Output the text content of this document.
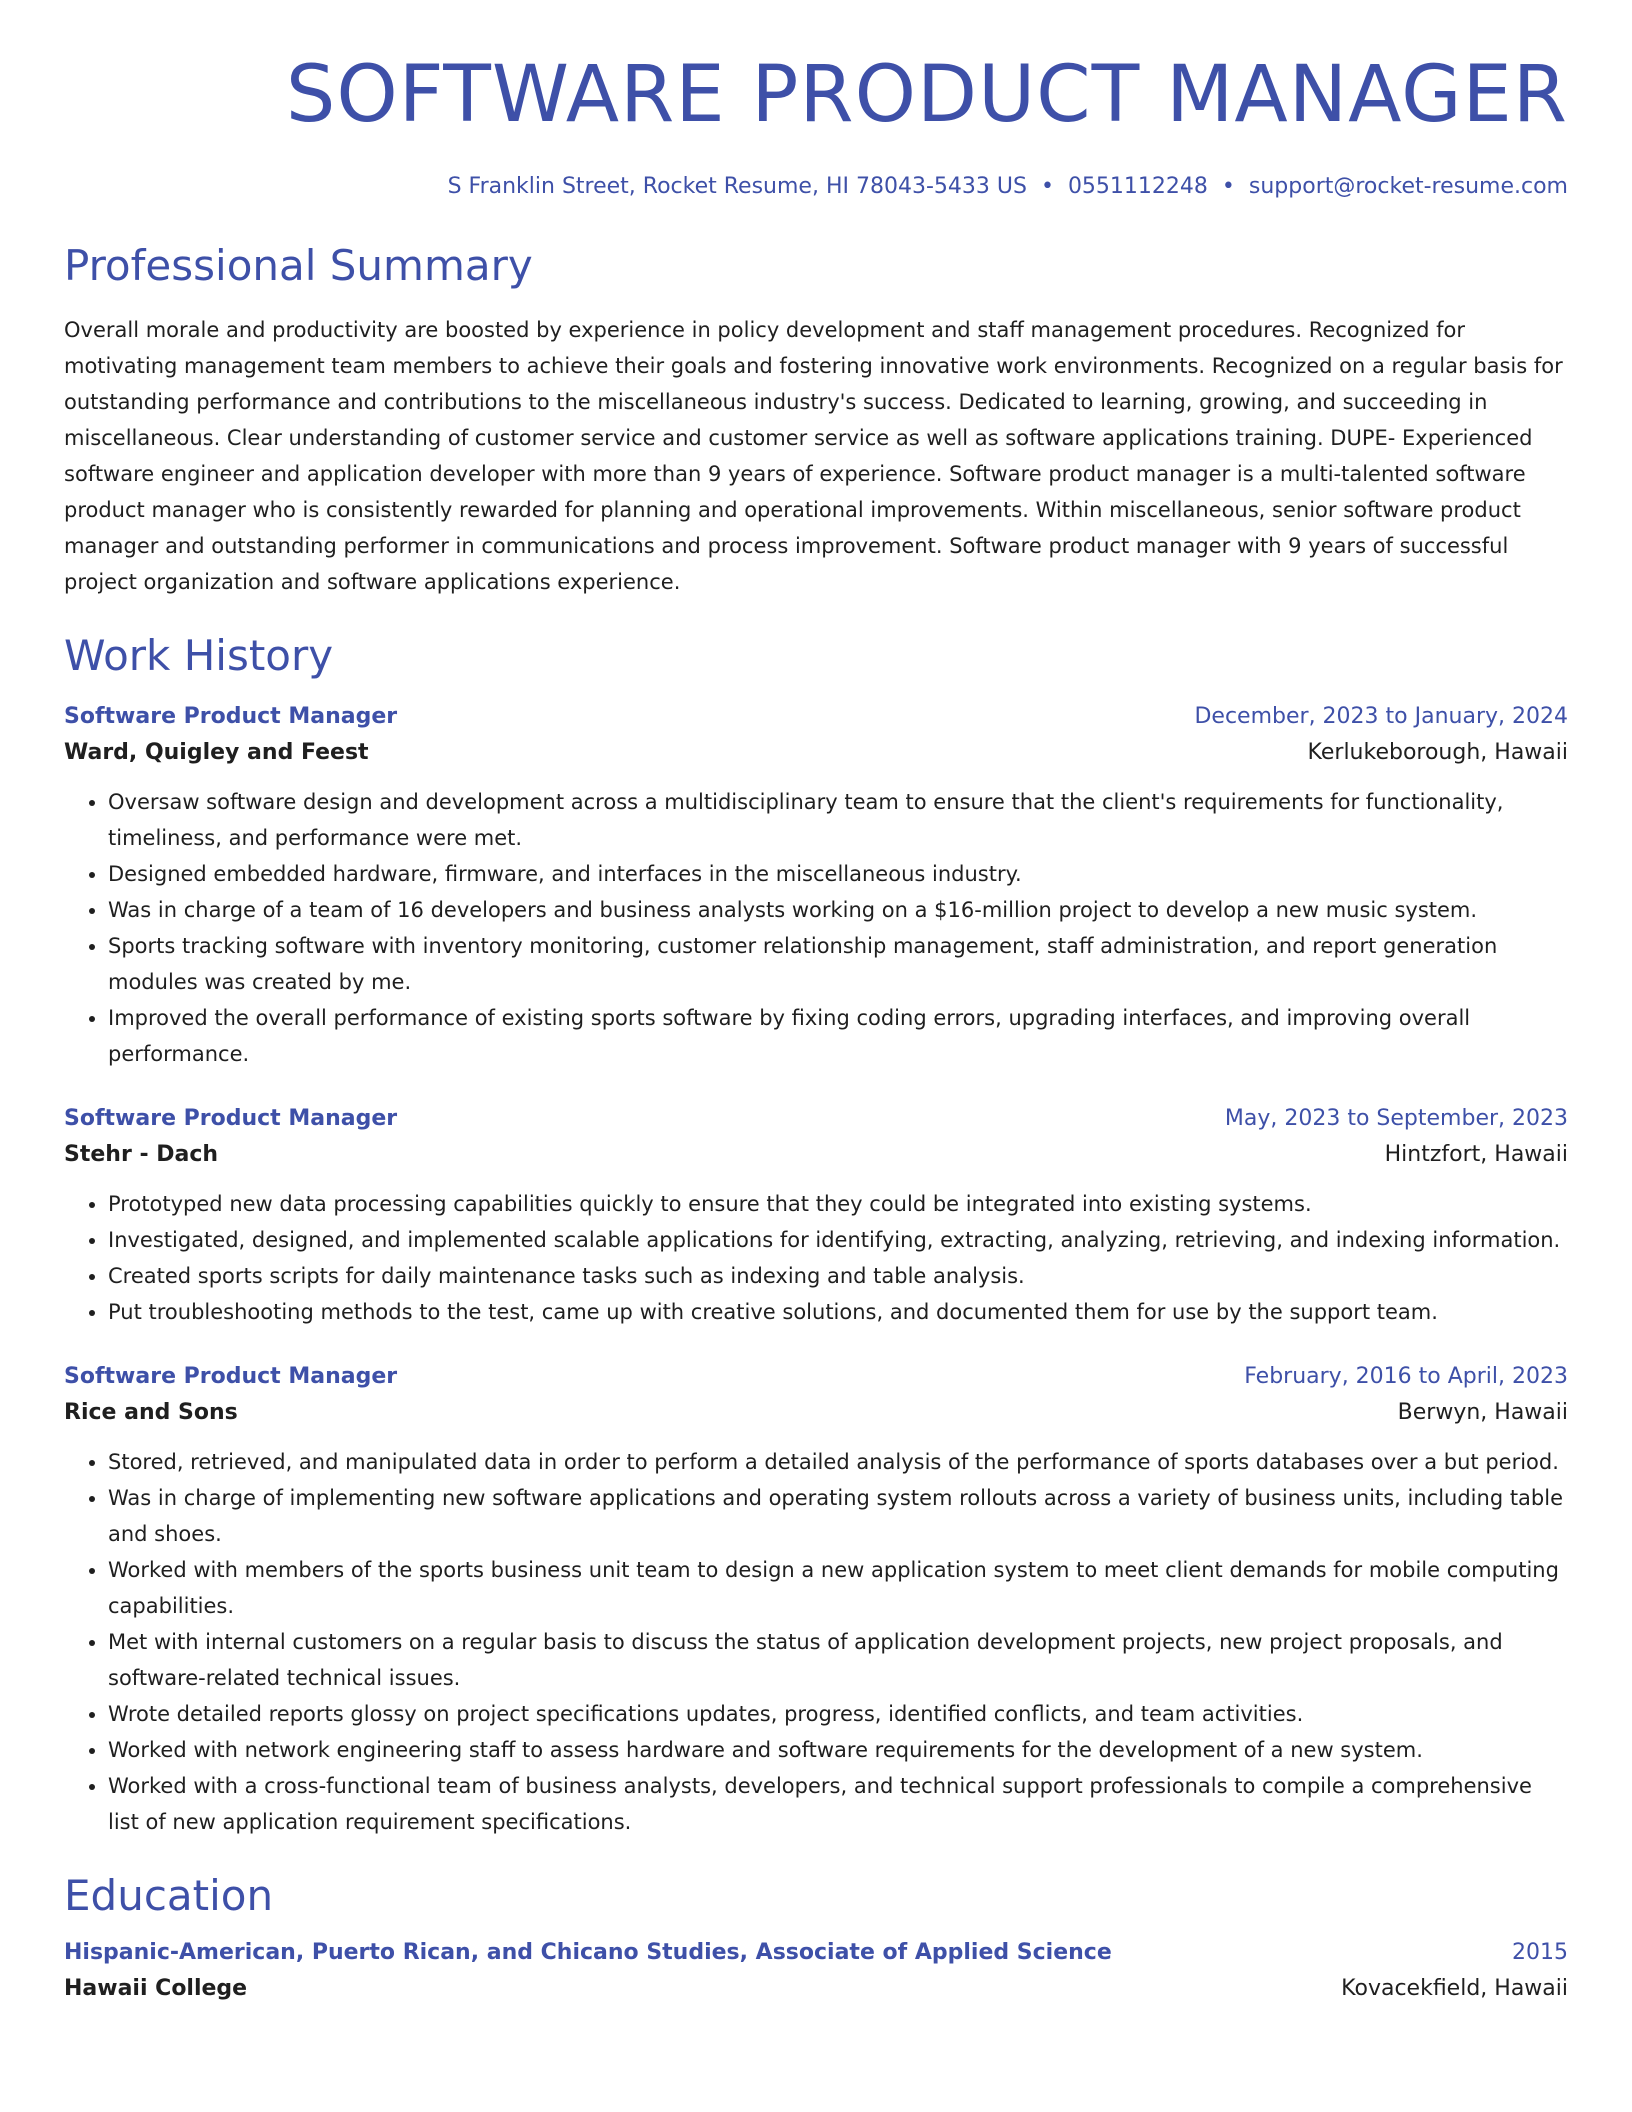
SOFTWARE PRODUCT MANAGER
S Franklin Street, Rocket Resume, HI 78043-5433 US • 0551112248 • support@rocket-resume.com
Professional Summary

Overall morale and productivity are boosted by experience in policy development and staff management procedures. Recognized for motivating management team members to achieve their goals and fostering innovative work environments. Recognized on a regular basis for outstanding performance and contributions to the miscellaneous industry's success. Dedicated to learning, growing, and succeeding in miscellaneous. Clear understanding of customer service and customer service as well as software applications training. DUPE- Experienced software engineer and application developer with more than 9 years of experience. Software product manager is a multi-talented software product manager who is consistently rewarded for planning and operational improvements. Within miscellaneous, senior software product manager and outstanding performer in communications and process improvement. Software product manager with 9 years of successful project organization and software applications experience.

Work History
Software Product Manager	December, 2023 to January, 2024
Ward, Quigley and Feest	Kerlukeborough, Hawaii
• Oversaw software design and development across a multidisciplinary team to ensure that the client's requirements for functionality, timeliness, and performance were met.
• Designed embedded hardware, firmware, and interfaces in the miscellaneous industry.
• Was in charge of a team of 16 developers and business analysts working on a $16-million project to develop a new music system.
• Sports tracking software with inventory monitoring, customer relationship management, staff administration, and report generation modules was created by me.
• Improved the overall performance of existing sports software by fixing coding errors, upgrading interfaces, and improving overall performance.
Software Product Manager	May, 2023 to September, 2023
Stehr - Dach	Hintzfort, Hawaii
• Prototyped new data processing capabilities quickly to ensure that they could be integrated into existing systems.
• Investigated, designed, and implemented scalable applications for identifying, extracting, analyzing, retrieving, and indexing information.
• Created sports scripts for daily maintenance tasks such as indexing and table analysis.
• Put troubleshooting methods to the test, came up with creative solutions, and documented them for use by the support team.
Software Product Manager	February, 2016 to April, 2023
Rice and Sons	Berwyn, Hawaii
• Stored, retrieved, and manipulated data in order to perform a detailed analysis of the performance of sports databases over a but period.
• Was in charge of implementing new software applications and operating system rollouts across a variety of business units, including table and shoes.
• Worked with members of the sports business unit team to design a new application system to meet client demands for mobile computing capabilities.
• Met with internal customers on a regular basis to discuss the status of application development projects, new project proposals, and software-related technical issues.
• Wrote detailed reports glossy on project specifications updates, progress, identified conflicts, and team activities.
• Worked with network engineering staff to assess hardware and software requirements for the development of a new system.
• Worked with a cross-functional team of business analysts, developers, and technical support professionals to compile a comprehensive list of new application requirement specifications.
Education
Hispanic-American, Puerto Rican, and Chicano Studies, Associate of Applied Science	2015
Hawaii College	Kovacekfield, Hawaii
